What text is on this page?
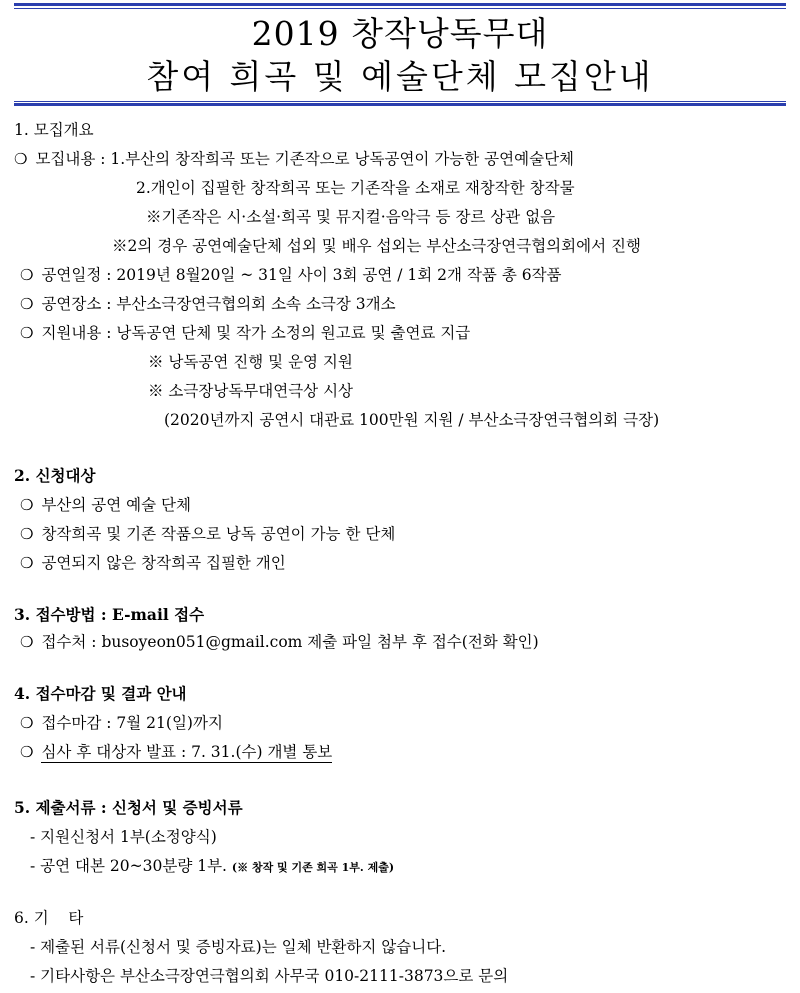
2019 창작낭독무대
참여 희곡 및 예술단체 모집안내
1. 모집개요
❍ 모집내용 : 1.부산의 창작희곡 또는 기존작으로 낭독공연이 가능한 공연예술단체
2.개인이 집필한 창작희곡 또는 기존작을 소재로 재창작한 창작물
※기존작은 시·소설·희곡 및 뮤지컬·음악극 등 장르 상관 없음
※2의 경우 공연예술단체 섭외 및 배우 섭외는 부산소극장연극협의회에서 진행
❍ 공연일정 : 2019년 8월20일 ~ 31일 사이 3회 공연 / 1회 2개 작품 총 6작품
❍ 공연장소 : 부산소극장연극협의회 소속 소극장 3개소
❍ 지원내용 : 낭독공연 단체 및 작가 소정의 원고료 및 출연료 지급
※ 낭독공연 진행 및 운영 지원
※ 소극장낭독무대연극상 시상
(2020년까지 공연시 대관료 100만원 지원 / 부산소극장연극협의회 극장)
2. 신청대상
❍ 부산의 공연 예술 단체
❍ 창작희곡 및 기존 작품으로 낭독 공연이 가능 한 단체
❍ 공연되지 않은 창작희곡 집필한 개인
3. 접수방법 : E-mail 접수
❍ 접수처 : busoyeon051@gmail.com 제출 파일 첨부 후 접수(전화 확인)
4. 접수마감 및 결과 안내
❍ 접수마감 : 7월 21(일)까지
❍ 심사 후 대상자 발표 : 7. 31.(수) 개별 통보
5. 제출서류 : 신청서 및 증빙서류
- 지원신청서 1부(소정양식)
- 공연 대본 20~30분량 1부. (※ 창작 및 기존 희곡 1부. 제출)
6. 기    타
- 제출된 서류(신청서 및 증빙자료)는 일체 반환하지 않습니다.
- 기타사항은 부산소극장연극협의회 사무국 010-2111-3873으로 문의
